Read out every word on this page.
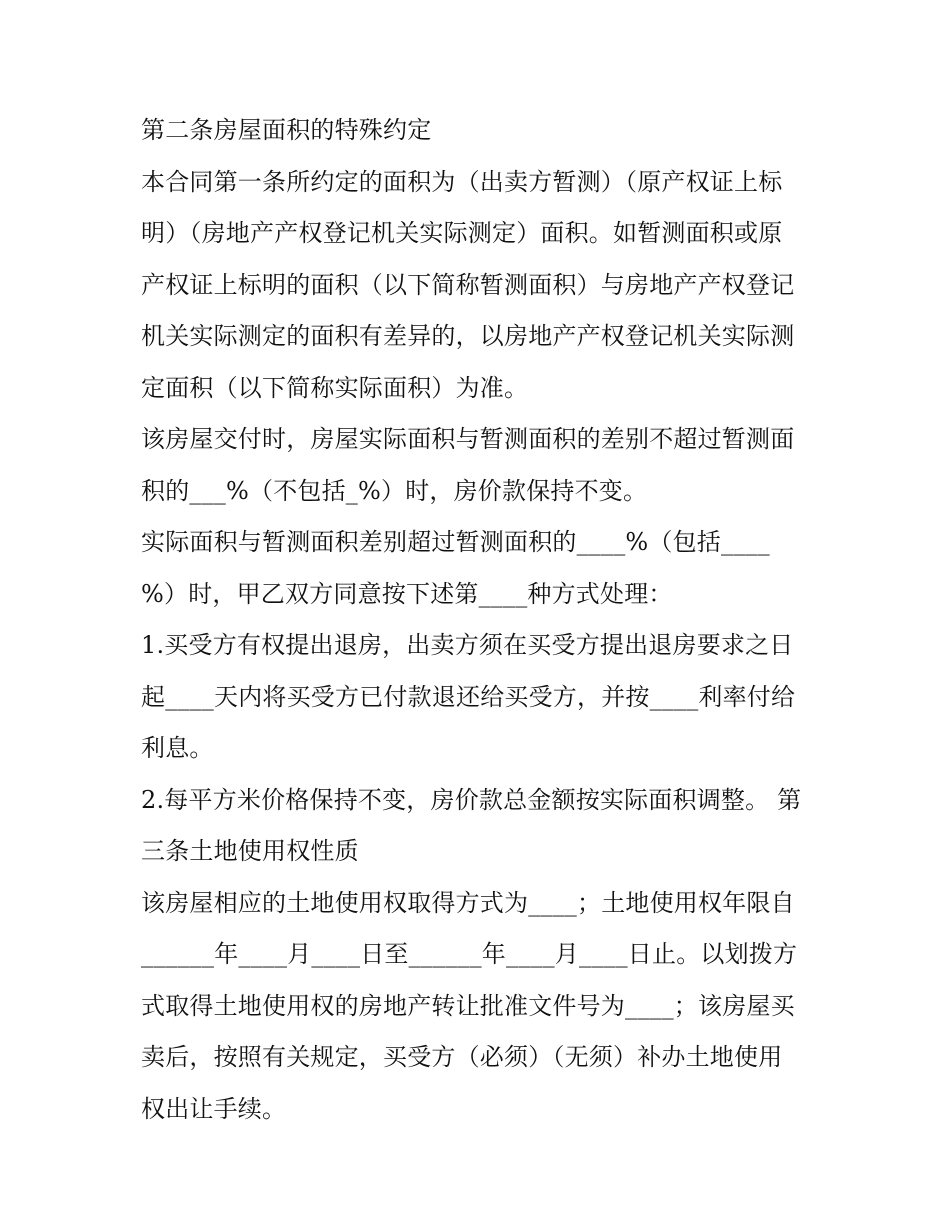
第二条房屋面积的特殊约定
本合同第一条所约定的面积为（出卖方暂测）（原产权证上标
明）（房地产产权登记机关实际测定）面积。如暂测面积或原
产权证上标明的面积（以下简称暂测面积）与房地产产权登记
机关实际测定的面积有差异的，以房地产产权登记机关实际测
定面积（以下简称实际面积）为准。
该房屋交付时，房屋实际面积与暂测面积的差别不超过暂测面
积的___%（不包括_%）时，房价款保持不变。
实际面积与暂测面积差别超过暂测面积的____%（包括____
%）时，甲乙双方同意按下述第____种方式处理：
1.买受方有权提出退房，出卖方须在买受方提出退房要求之日
起____天内将买受方已付款退还给买受方，并按____利率付给
利息。
2.每平方米价格保持不变，房价款总金额按实际面积调整。 第
三条土地使用权性质
该房屋相应的土地使用权取得方式为____；土地使用权年限自
______年____月____日至______年____月____日止。以划拨方
式取得土地使用权的房地产转让批准文件号为____；该房屋买
卖后，按照有关规定，买受方（必须）（无须）补办土地使用
权出让手续。
